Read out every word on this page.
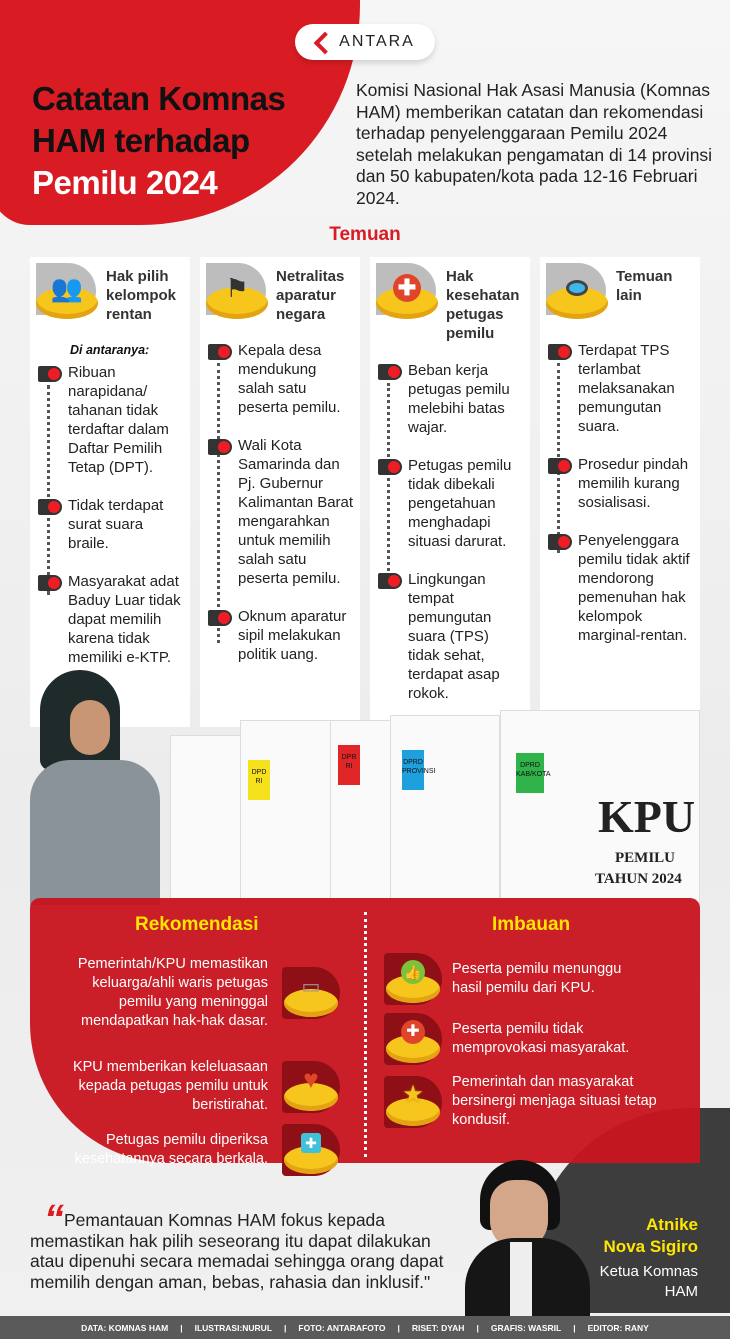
ANTARA
Catatan Komnas
HAM terhadap
Pemilu 2024

Komisi Nasional Hak Asasi Manusia (Komnas HAM) memberikan catatan dan rekomendasi terhadap penyelenggaraan Pemilu 2024 setelah melakukan pengamatan di 14 provinsi dan 50 kabupaten/kota pada 12-16 Februari 2024.

Temuan
👥 Hak pilih kelompok rentan
Di antaranya:
Ribuan narapidana/ tahanan tidak terdaftar dalam Daftar Pemilih Tetap (DPT).
Tidak terdapat surat suara braile.
Masyarakat adat Baduy Luar tidak dapat memilih karena tidak memiliki e-KTP.
⚑	Netralitas aparatur negara
Kepala desa mendukung salah satu peserta pemilu.
Wali Kota Samarinda dan Pj. Gubernur Kalimantan Barat mengarahkan untuk memilih salah satu peserta pemilu.
Oknum aparatur sipil melakukan politik uang.
✚	Hak kesehatan petugas pemilu
Beban kerja petugas pemilu melebihi batas wajar.
Petugas pemilu tidak dibekali pengetahuan menghadapi situasi darurat.
Lingkungan tempat pemungutan suara (TPS) tidak sehat, terdapat asap rokok.
Temuan lain
Terdapat TPS terlambat melaksanakan pemungutan suara.
Prosedur pindah memilih kurang sosialisasi.
Penyelenggara pemilu tidak aktif mendorong pemenuhan hak kelompok marginal-rentan.
DPD RI
DPR RI
DPRD PROVINSI
DPRD KAB/KOTA
KPU
PEMILU
TAHUN 2024
Rekomendasi	Imbauan
Pemerintah/KPU memastikan keluarga/ahli waris petugas pemilu yang meninggal mendapatkan hak-hak dasar.
▭
KPU memberikan keleluasaan kepada petugas pemilu untuk beristirahat.
♥
Petugas pemilu diperiksa kesehatannya secara berkala.
✚
👍 Peserta pemilu menunggu hasil pemilu dari KPU.
✚	Peserta pemilu tidak memprovokasi masyarakat.
★ Pemerintah dan masyarakat bersinergi menjaga situasi tetap kondusif.
“ Pemantauan Komnas HAM fokus kepada memastikan hak pilih seseorang itu dapat dilakukan atau dipenuhi secara memadai sehingga orang dapat memilih dengan aman, bebas, rahasia dan inklusif."
Atnike
Nova Sigiro
Ketua Komnas
HAM
DATA: KOMNAS HAM | ILUSTRASI:NURUL | FOTO: ANTARAFOTO | RISET: DYAH | GRAFIS: WASRIL | EDITOR: RANY
